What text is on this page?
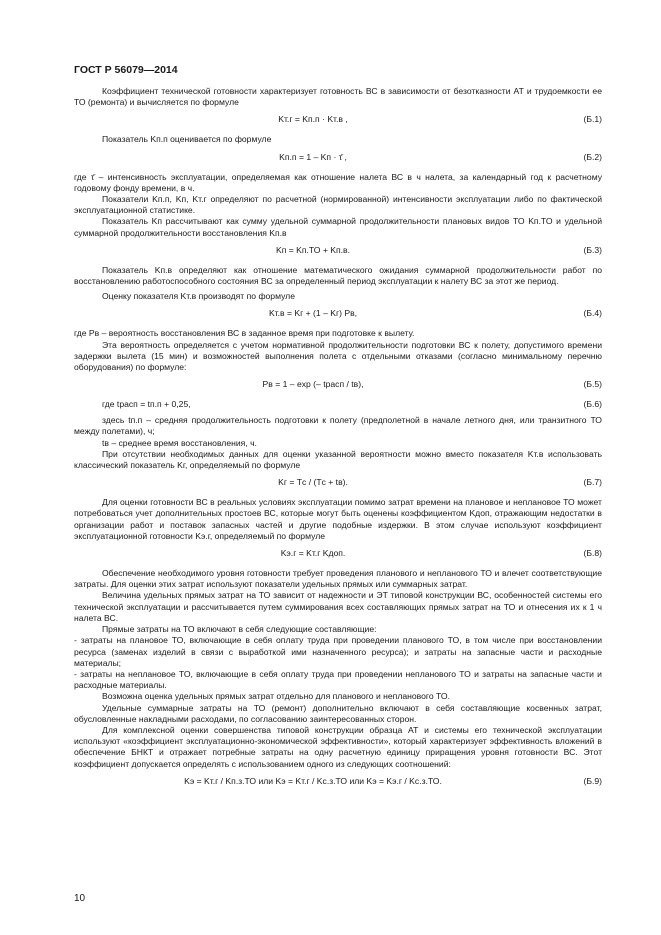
ГОСТ Р 56079—2014

Коэффициент технической готовности характеризует готовность ВС в зависимости от безотказности АТ и трудоемкости ее ТО (ремонта) и вычисляется по формуле

Kт.г = Kп.п · Kт.в ,	(Б.1)

Показатель Kп.п оценивается по формуле

Kп.п = 1 – Kп · τ̄ ,	(Б.2)

где τ̄ – интенсивность эксплуатации, определяемая как отношение налета ВС в ч налета, за календарный год к расчетному годовому фонду времени, в ч.

Показатели Kп.п, Kп, Kт.г определяют по расчетной (нормированной) интенсивности эксплуатации либо по фактической эксплуатационной статистике.

Показатель Kп рассчитывают как сумму удельной суммарной продолжительности плановых видов ТО Kп.ТО и удельной суммарной продолжительности восстановления Kп.в

Kп = Kп.ТО + Kп.в.	(Б.3)

Показатель Kп.в определяют как отношение математического ожидания суммарной продолжительности работ по восстановлению работоспособного состояния ВС за определенный период эксплуатации к налету ВС за этот же период.

Оценку показателя Kт.в производят по формуле

Kт.в = Kг + (1 – Kг) Pв,	(Б.4)

где Pв – вероятность восстановления ВС в заданное время при подготовке к вылету.

Эта вероятность определяется с учетом нормативной продолжительности подготовки ВС к полету, допустимого времени задержки вылета (15 мин) и возможностей выполнения полета с отдельными отказами (согласно минимальному перечню оборудования) по формуле:

Pв = 1 – exp (– tрасп / tв),	(Б.5)
где tрасп = tп.п + 0,25,	(Б.6)

здесь tп.п – средняя продолжительность подготовки к полету (предполетной в начале летного дня, или транзитного ТО между полетами), ч;

tв – среднее время восстановления, ч.

При отсутствии необходимых данных для оценки указанной вероятности можно вместо показателя Kт.в использовать классический показатель Kг, определяемый по формуле

Kг = Tс / (Tс + tв).	(Б.7)

Для оценки готовности ВС в реальных условиях эксплуатации помимо затрат времени на плановое и неплановое ТО может потребоваться учет дополнительных простоев ВС, которые могут быть оценены коэффициентом Kдоп, отражающим недостатки в организации работ и поставок запасных частей и другие подобные издержки. В этом случае используют коэффициент эксплуатационной готовности Kэ.г, определяемый по формуле

Kэ.г = Kт.г Kдоп.	(Б.8)

Обеспечение необходимого уровня готовности требует проведения планового и непланового ТО и влечет соответствующие затраты. Для оценки этих затрат используют показатели удельных прямых или суммарных затрат.

Величина удельных прямых затрат на ТО зависит от надежности и ЭТ типовой конструкции ВС, особенностей системы его технической эксплуатации и рассчитывается путем суммирования всех составляющих прямых затрат на ТО и отнесения их к 1 ч налета ВС.

Прямые затраты на ТО включают в себя следующие составляющие:

- затраты на плановое ТО, включающие в себя оплату труда при проведении планового ТО, в том числе при восстановлении ресурса (заменах изделий в связи с выработкой ими назначенного ресурса); и затраты на запасные части и расходные материалы;

- затраты на неплановое ТО, включающие в себя оплату труда при проведении непланового ТО и затраты на запасные части и расходные материалы.

Возможна оценка удельных прямых затрат отдельно для планового и непланового ТО.

Удельные суммарные затраты на ТО (ремонт) дополнительно включают в себя составляющие косвенных затрат, обусловленные накладными расходами, по согласованию заинтересованных сторон.

Для комплексной оценки совершенства типовой конструкции образца АТ и системы его технической эксплуатации используют «коэффициент эксплуатационно-экономической эффективности», который характеризует эффективность вложений в обеспечение БНКТ и отражает потребные затраты на одну расчетную единицу приращения уровня готовности ВС. Этот коэффициент допускается определять с использованием одного из следующих соотношений:

Kэ = Kт.г / Kп.з.ТО или Kэ = Kт.г / Kс.з.ТО или Kэ = Kэ.г / Kс.з.ТО.	(Б.9)
10
